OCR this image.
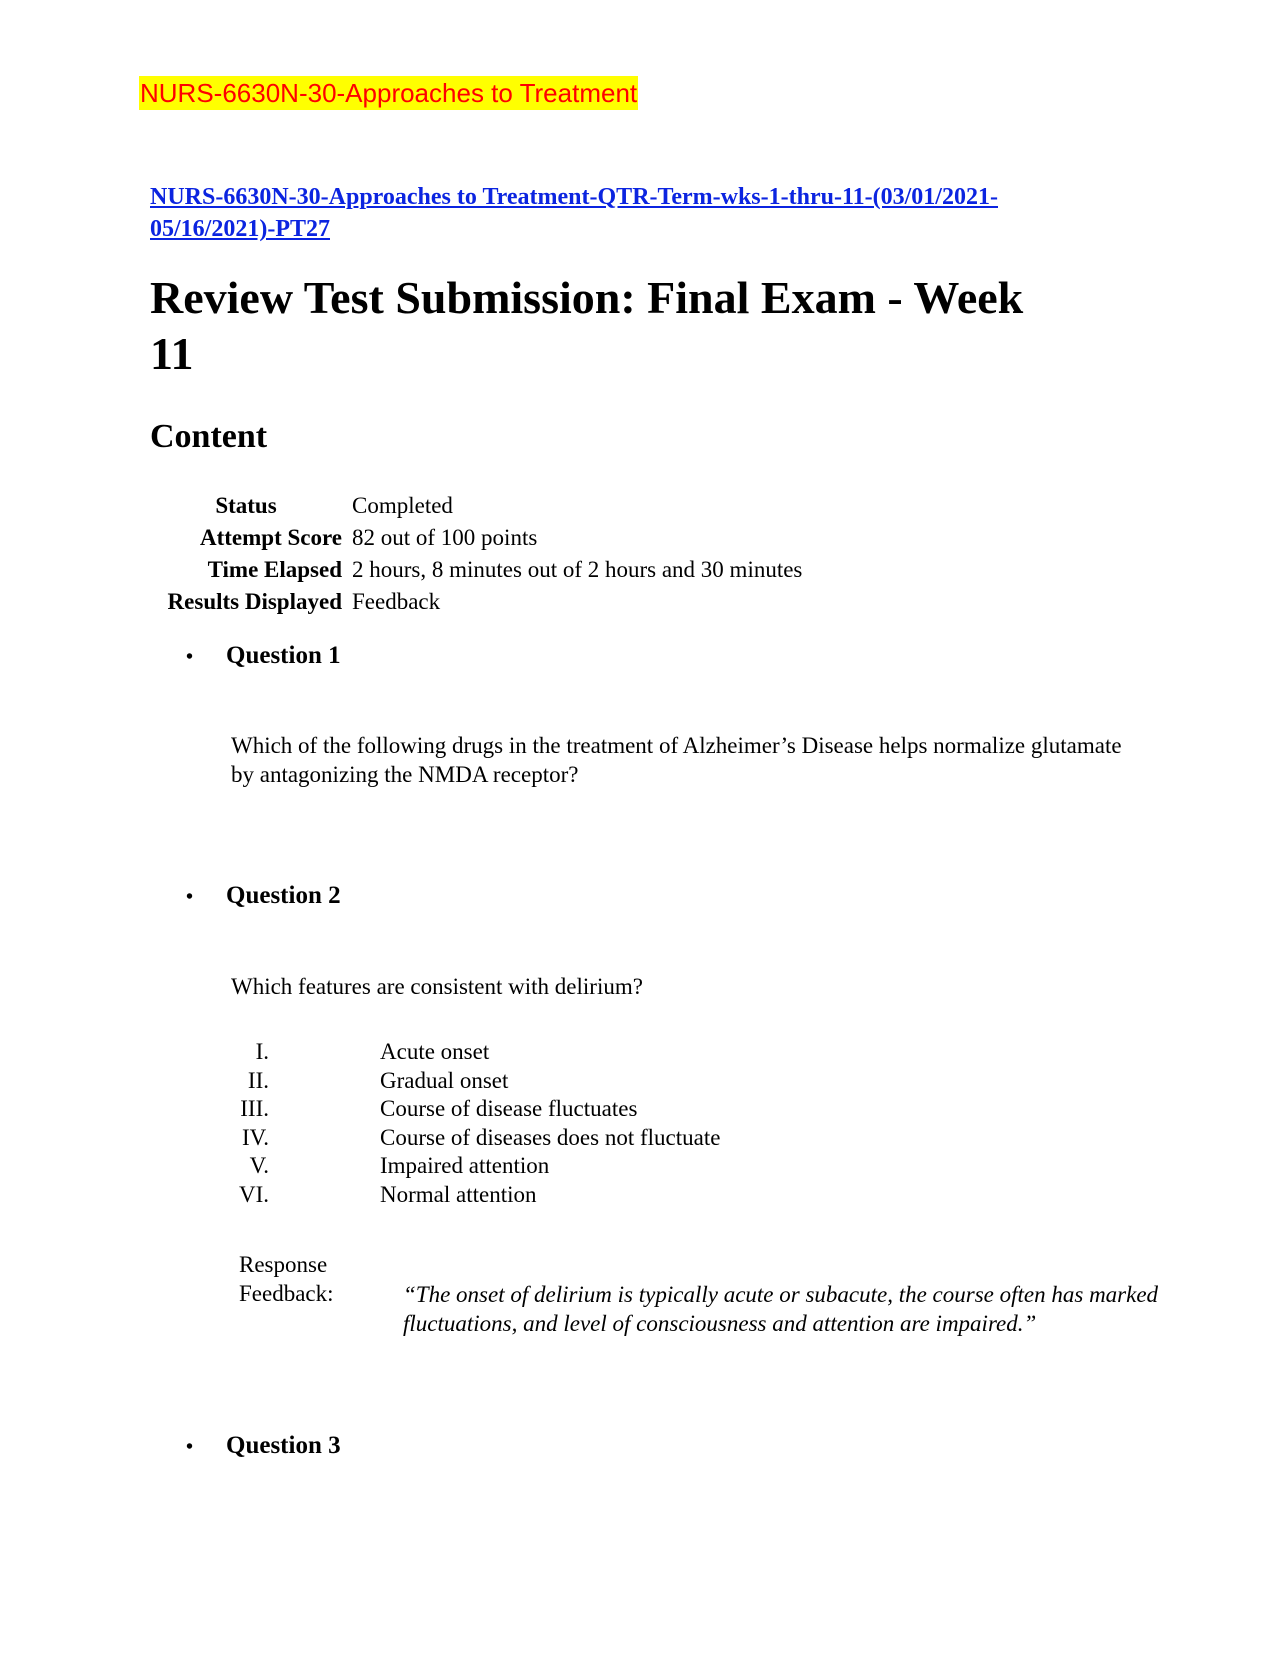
NURS-6630N-30-Approaches to Treatment
NURS-6630N-30-Approaches to Treatment-QTR-Term-wks-1-thru-11-(03/01/2021-05/16/2021)-PT27
Review Test Submission: Final Exam - Week 11
Content
Status	Completed
Attempt Score	82 out of 100 points
Time Elapsed	2 hours, 8 minutes out of 2 hours and 30 minutes
Results Displayed	Feedback
• Question 1
Which of the following drugs in the treatment of Alzheimer’s Disease helps normalize glutamate by antagonizing the NMDA receptor?
• Question 2
Which features are consistent with delirium?
I.	Acute onset
II.	Gradual onset
III.	Course of disease fluctuates
IV.	Course of diseases does not fluctuate
V.	Impaired attention
VI.	Normal attention
Response Feedback:	“The onset of delirium is typically acute or subacute, the course often has marked fluctuations, and level of consciousness and attention are impaired.”
• Question 3
